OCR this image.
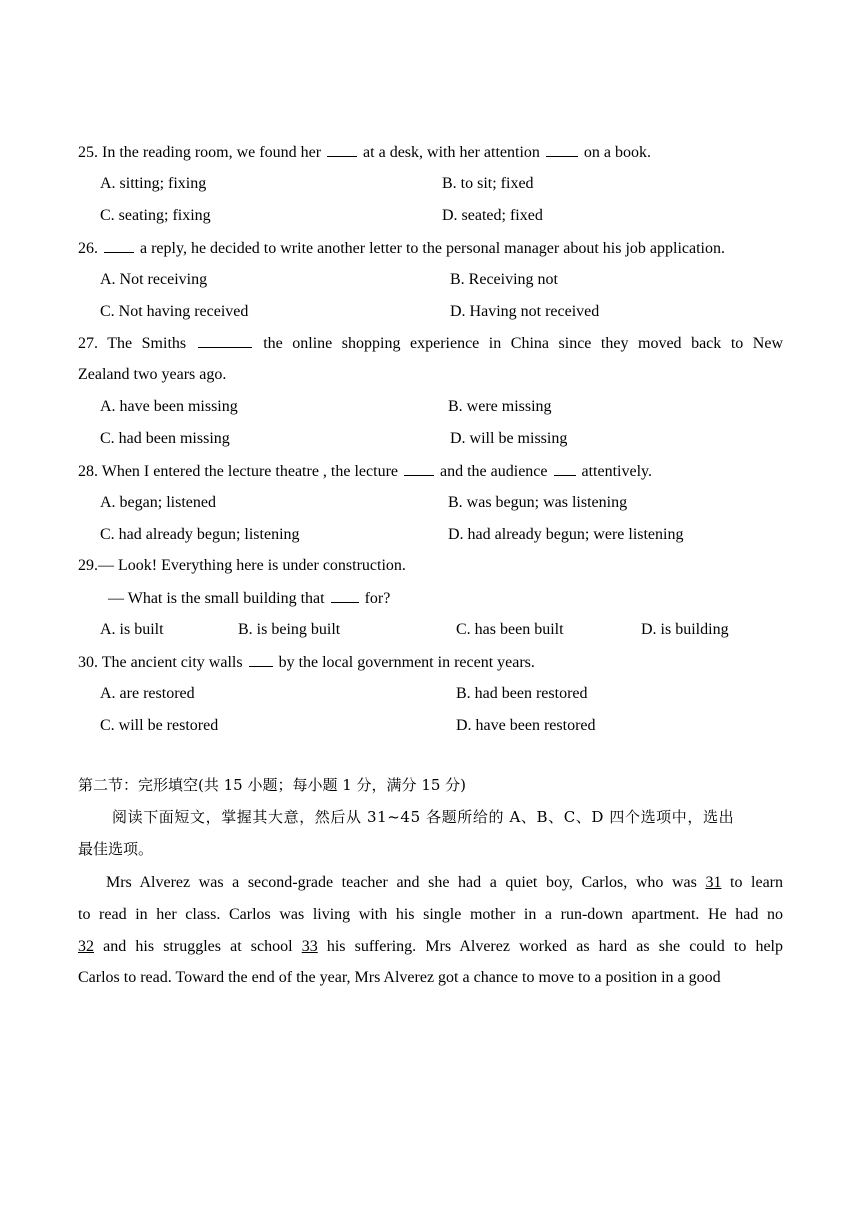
25. In the reading room, we found her	at a desk, with her attention	on a book.
A. sitting; fixing	B. to sit; fixed
C. seating; fixing	D. seated; fixed
26.	a reply, he decided to write another letter to the personal manager about his job application.
A. Not receiving	B. Receiving not
C. Not having received	D. Having not received
27. The Smiths	the online shopping experience in China since they moved back to New
Zealand two years ago.
A. have been missing	B. were missing
C. had been missing	D. will be missing
28. When I entered the lecture theatre , the lecture	and the audience attentively.
A. began; listened	B. was begun; was listening
C. had already begun; listening	D. had already begun; were listening
29.— Look! Everything here is under construction.
— What is the small building that	for?
A. is built	B. is being built	C. has been built	D. is building
30. The ancient city walls by the local government in recent years.
A. are restored	B. had been restored
C. will be restored	D. have been restored
第二节：完形填空(共 15 小题；每小题 1 分，满分 15 分)
阅读下面短文，掌握其大意，然后从 31~45 各题所给的 A、B、C、D 四个选项中，选出
最佳选项。
Mrs Alverez was a second-grade teacher and she had a quiet boy, Carlos, who was 31 to learn
to read in her class. Carlos was living with his single mother in a run-down apartment. He had no
32 and his struggles at school 33 his suffering. Mrs Alverez worked as hard as she could to help
Carlos to read. Toward the end of the year, Mrs Alverez got a chance to move to a position in a good
